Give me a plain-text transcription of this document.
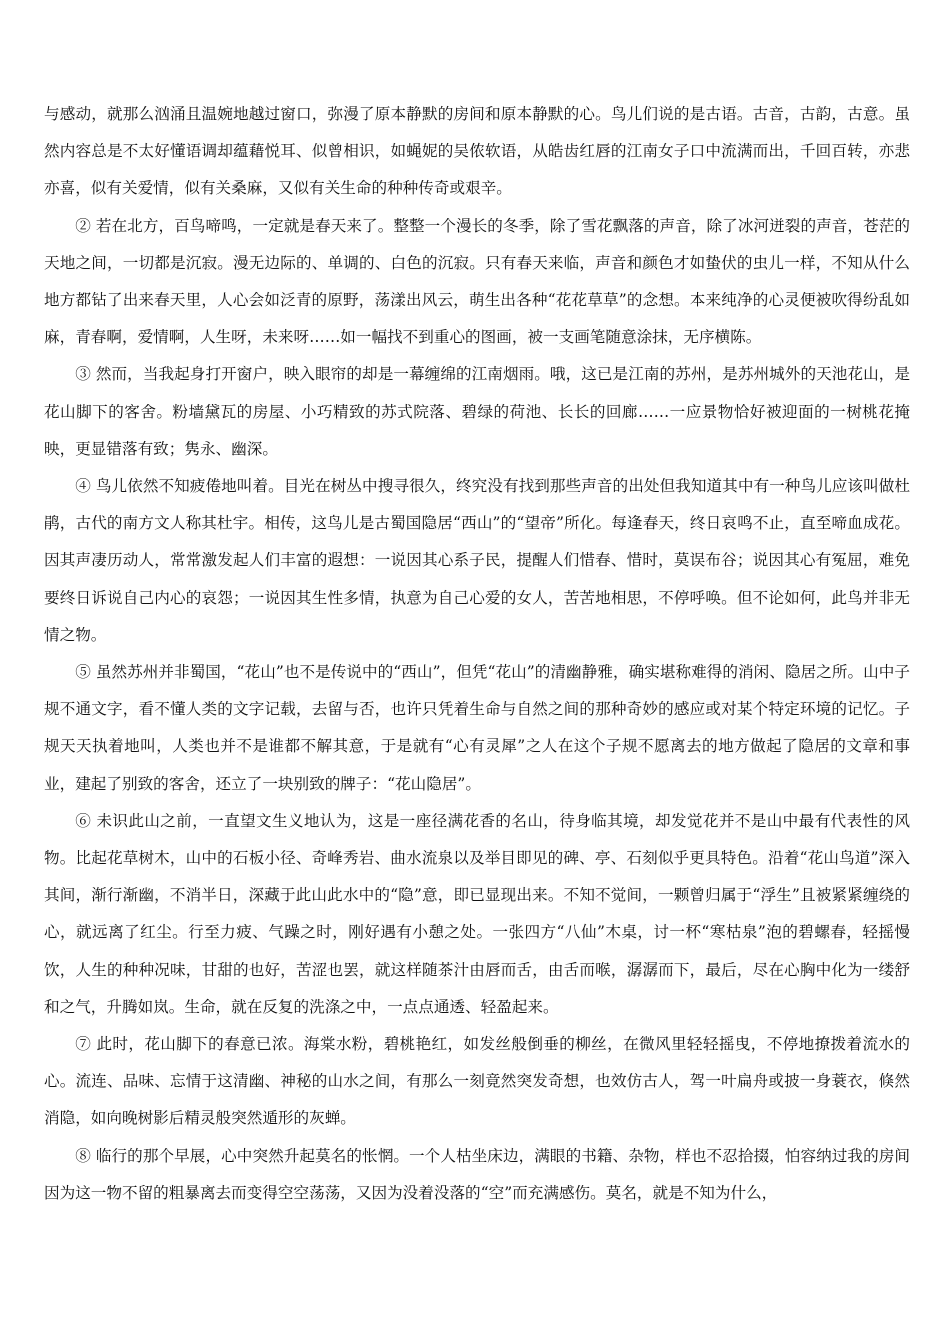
与感动，就那么汹涌且温婉地越过窗口，弥漫了原本静默的房间和原本静默的心。鸟儿们说的是古语。古音，古韵，古意。虽然内容总是不太好懂语调却蕴藉悦耳、似曾相识，如蝇妮的吴侬软语，从皓齿红唇的江南女子口中流满而出，千回百转，亦悲亦喜，似有关爱情，似有关桑麻，又似有关生命的种种传奇或艰辛。

② 若在北方，百鸟啼鸣，一定就是春天来了。整整一个漫长的冬季，除了雪花飘落的声音，除了冰河迸裂的声音，苍茫的天地之间，一切都是沉寂。漫无边际的、单调的、白色的沉寂。只有春天来临，声音和颜色才如蛰伏的虫儿一样，不知从什么地方都钻了出来春天里，人心会如泛青的原野，荡漾出风云，萌生出各种“花花草草”的念想。本来纯净的心灵便被吹得纷乱如麻，青春啊，爱情啊，人生呀，未来呀……如一幅找不到重心的图画，被一支画笔随意涂抹，无序横陈。

③ 然而，当我起身打开窗户，映入眼帘的却是一幕缠绵的江南烟雨。哦，这已是江南的苏州，是苏州城外的天池花山，是花山脚下的客舍。粉墙黛瓦的房屋、小巧精致的苏式院落、碧绿的荷池、长长的回廊……一应景物恰好被迎面的一树桃花掩映，更显错落有致；隽永、幽深。

④ 鸟儿依然不知疲倦地叫着。目光在树丛中搜寻很久，终究没有找到那些声音的出处但我知道其中有一种鸟儿应该叫做杜鹃，古代的南方文人称其杜宇。相传，这鸟儿是古蜀国隐居“西山”的“望帝”所化。每逢春天，终日哀鸣不止，直至啼血成花。因其声凄历动人，常常激发起人们丰富的遐想：一说因其心系子民，提醒人们惜春、惜时，莫误布谷；说因其心有冤屈，难免要终日诉说自己内心的哀怨；一说因其生性多情，执意为自己心爱的女人，苦苦地相思，不停呼唤。但不论如何，此鸟并非无情之物。

⑤ 虽然苏州并非蜀国，“花山”也不是传说中的“西山”，但凭“花山”的清幽静雅，确实堪称难得的消闲、隐居之所。山中子规不通文字，看不懂人类的文字记载，去留与否，也许只凭着生命与自然之间的那种奇妙的感应或对某个特定环境的记忆。子规天天执着地叫，人类也并不是谁都不解其意，于是就有“心有灵犀”之人在这个子规不愿离去的地方做起了隐居的文章和事业，建起了别致的客舍，还立了一块别致的牌子：“花山隐居”。

⑥ 未识此山之前，一直望文生义地认为，这是一座径满花香的名山，待身临其境，却发觉花并不是山中最有代表性的风物。比起花草树木，山中的石板小径、奇峰秀岩、曲水流泉以及举目即见的碑、亭、石刻似乎更具特色。沿着“花山鸟道”深入其间，渐行渐幽，不消半日，深藏于此山此水中的“隐”意，即已显现出来。不知不觉间，一颗曾归属于“浮生”且被紧紧缠绕的心，就远离了红尘。行至力疲、气躁之时，刚好遇有小憩之处。一张四方“八仙”木桌，讨一杯“寒枯泉”泡的碧螺春，轻摇慢饮，人生的种种况味，甘甜的也好，苦涩也罢，就这样随茶汁由唇而舌，由舌而喉，潺潺而下，最后，尽在心胸中化为一缕舒和之气，升腾如岚。生命，就在反复的洗涤之中，一点点通透、轻盈起来。

⑦ 此时，花山脚下的春意已浓。海棠水粉，碧桃艳红，如发丝般倒垂的柳丝，在微风里轻轻摇曳，不停地撩拨着流水的心。流连、品味、忘情于这清幽、神秘的山水之间，有那么一刻竟然突发奇想，也效仿古人，驾一叶扁舟或披一身蓑衣，倏然消隐，如向晚树影后精灵般突然遁形的灰蝉。

⑧ 临行的那个早展，心中突然升起莫名的怅惘。一个人枯坐床边，满眼的书籍、杂物，样也不忍拾掇，怕容纳过我的房间因为这一物不留的粗暴离去而变得空空荡荡，又因为没着没落的“空”而充满感伤。莫名，就是不知为什么，
